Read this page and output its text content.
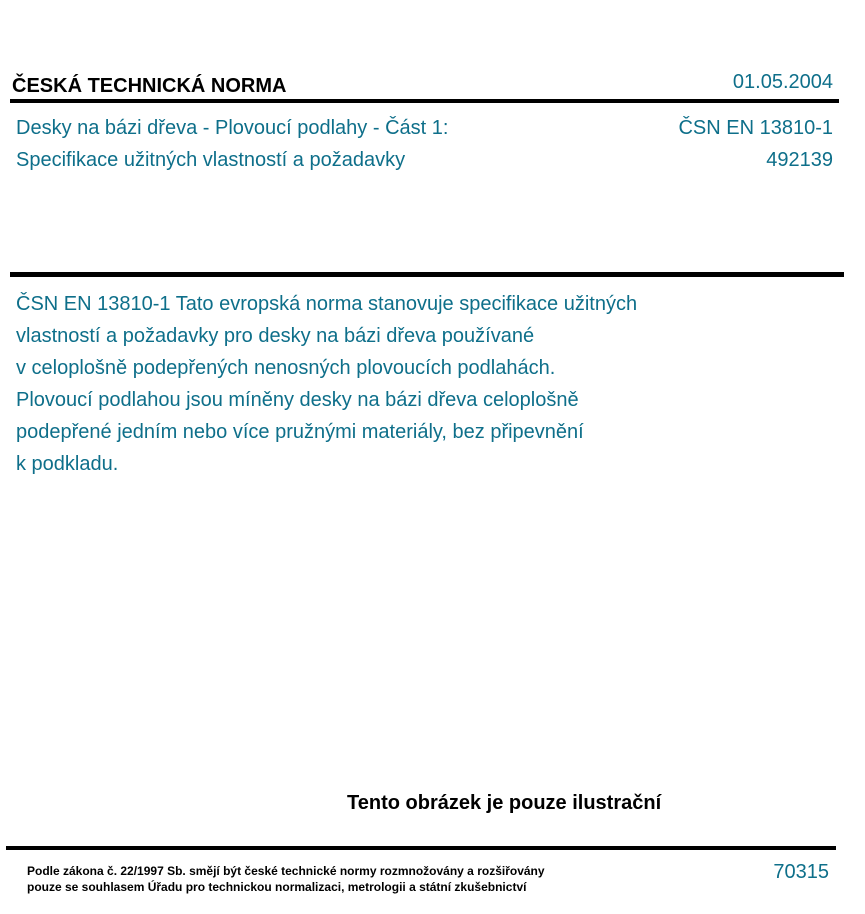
ČESKÁ TECHNICKÁ NORMA	01.05.2004
Desky na bázi dřeva - Plovoucí podlahy - Část 1:
Specifikace užitných vlastností a požadavky
ČSN EN 13810-1
492139
ČSN EN 13810-1 Tato evropská norma stanovuje specifikace užitných
vlastností a požadavky pro desky na bázi dřeva používané
v celoplošně podepřených nenosných plovoucích podlahách.
Plovoucí podlahou jsou míněny desky na bázi dřeva celoplošně
podepřené jedním nebo více pružnými materiály, bez připevnění
k podkladu.
Tento obrázek je pouze ilustrační
Podle zákona č. 22/1997 Sb. smějí být české technické normy rozmnožovány a rozšiřovány
pouze se souhlasem Úřadu pro technickou normalizaci, metrologii a státní zkušebnictví
70315
